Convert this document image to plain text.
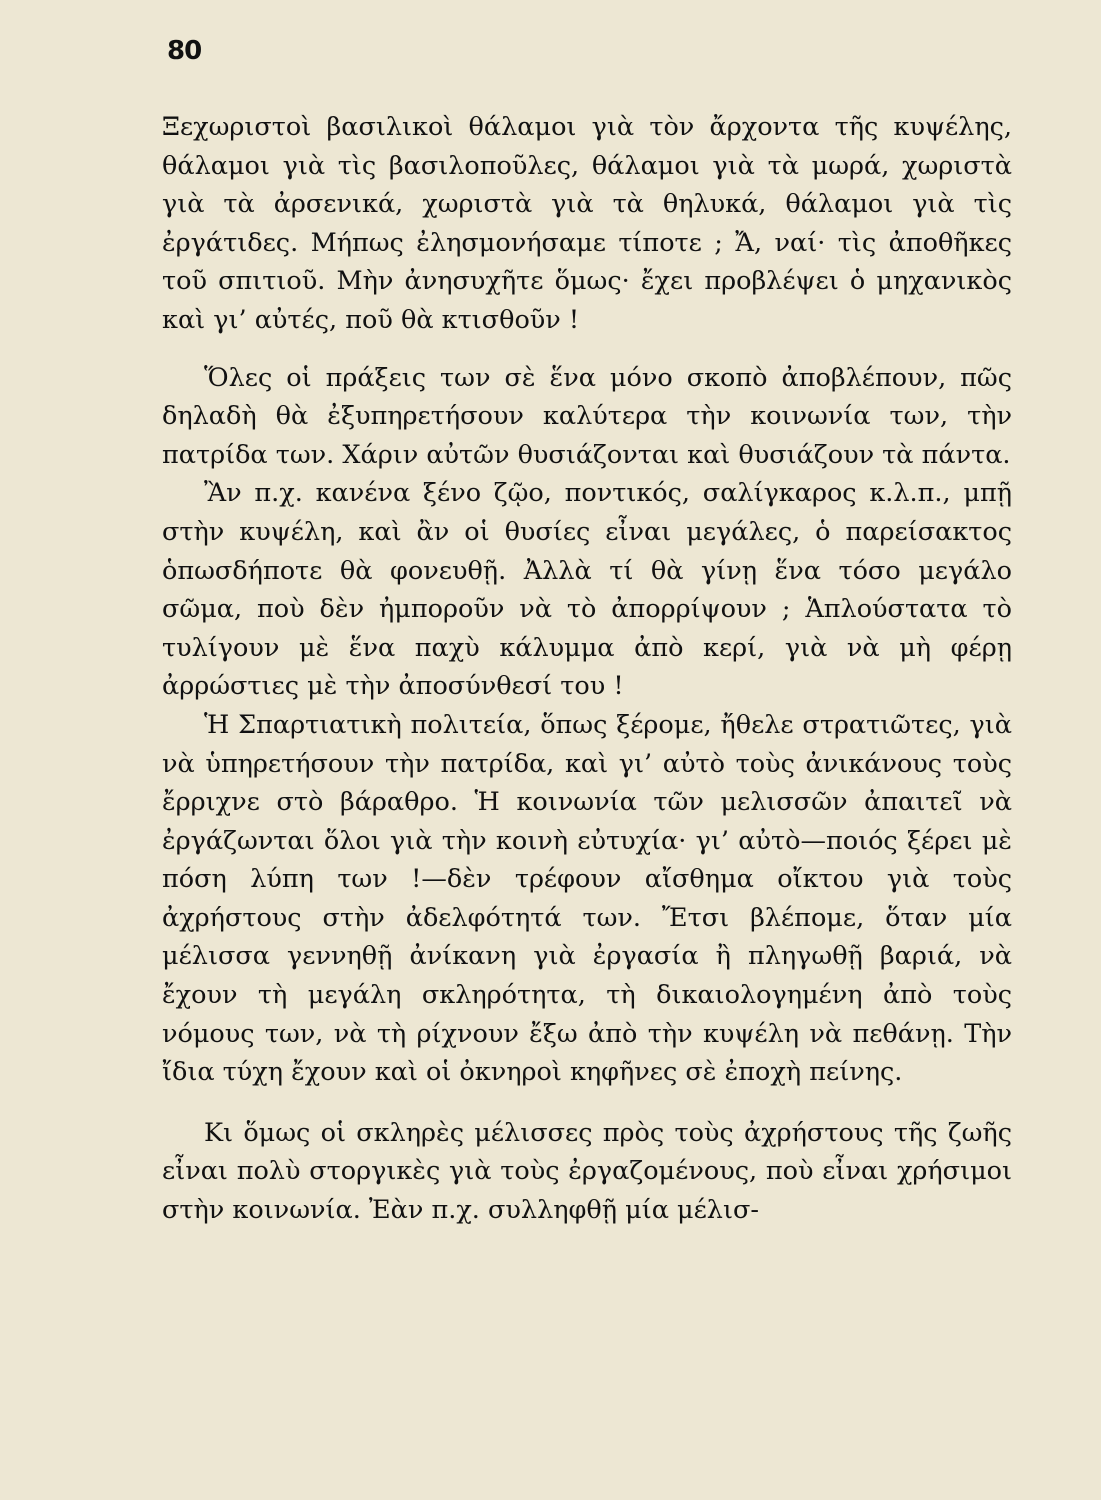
80

Ξεχωριστοὶ βασιλικοὶ θάλαμοι γιὰ τὸν ἄρχοντα τῆς κυψέλης, θάλαμοι γιὰ τὶς βασιλοποῦλες, θάλαμοι γιὰ τὰ μωρά, χωριστὰ γιὰ τὰ ἀρσενικά, χωριστὰ γιὰ τὰ θηλυκά, θάλαμοι γιὰ τὶς ἐργάτιδες. Μήπως ἐλησμονήσαμε τίποτε ; Ἄ, ναί· τὶς ἀποθῆκες τοῦ σπιτιοῦ. Μὴν ἀνησυχῆτε ὅμως· ἔχει προβλέψει ὁ μηχανικὸς καὶ γι’ αὐτές, ποῦ θὰ κτισθοῦν !

Ὅλες οἱ πράξεις των σὲ ἕνα μόνο σκοπὸ ἀποβλέπουν, πῶς δηλαδὴ θὰ ἐξυπηρετήσουν καλύτερα τὴν κοινωνία των, τὴν πατρίδα των. Χάριν αὐτῶν θυσιάζονται καὶ θυσιάζουν τὰ πάντα.

Ἂν π.χ. κανένα ξένο ζῷο, ποντικός, σαλίγκαρος κ.λ.π., μπῇ στὴν κυψέλη, καὶ ἂν οἱ θυσίες εἶναι μεγάλες, ὁ παρείσακτος ὁπωσδήποτε θὰ φονευθῇ. Ἀλλὰ τί θὰ γίνῃ ἕνα τόσο μεγάλο σῶμα, ποὺ δὲν ἠμποροῦν νὰ τὸ ἀπορρίψουν ; Ἁπλούστατα τὸ τυλίγουν μὲ ἕνα παχὺ κάλυμμα ἀπὸ κερί, γιὰ νὰ μὴ φέρῃ ἀρρώστιες μὲ τὴν ἀποσύνθεσί του !

Ἡ Σπαρτιατικὴ πολιτεία, ὅπως ξέρομε, ἤθελε στρατιῶτες, γιὰ νὰ ὑπηρετήσουν τὴν πατρίδα, καὶ γι’ αὐτὸ τοὺς ἀνικάνους τοὺς ἔρριχνε στὸ βάραθρο. Ἡ κοινωνία τῶν μελισσῶν ἀπαιτεῖ νὰ ἐργάζωνται ὅλοι γιὰ τὴν κοινὴ εὐτυχία· γι’ αὐτὸ—ποιός ξέρει μὲ πόση λύπη των !—δὲν τρέφουν αἴσθημα οἴκτου γιὰ τοὺς ἀχρήστους στὴν ἀδελφότητά των. Ἔτσι βλέπομε, ὅταν μία μέλισσα γεννηθῇ ἀνίκανη γιὰ ἐργασία ἢ πληγωθῇ βαριά, νὰ ἔχουν τὴ μεγάλη σκληρότητα, τὴ δικαιολογημένη ἀπὸ τοὺς νόμους των, νὰ τὴ ρίχνουν ἔξω ἀπὸ τὴν κυψέλη νὰ πεθάνῃ. Τὴν ἴδια τύχη ἔχουν καὶ οἱ ὀκνηροὶ κηφῆνες σὲ ἐποχὴ πείνης.

Κι ὅμως οἱ σκληρὲς μέλισσες πρὸς τοὺς ἀχρήστους τῆς ζωῆς εἶναι πολὺ στοργικὲς γιὰ τοὺς ἐργαζομένους, ποὺ εἶναι χρήσιμοι στὴν κοινωνία. Ἐὰν π.χ. συλληφθῇ μία μέλισ-
